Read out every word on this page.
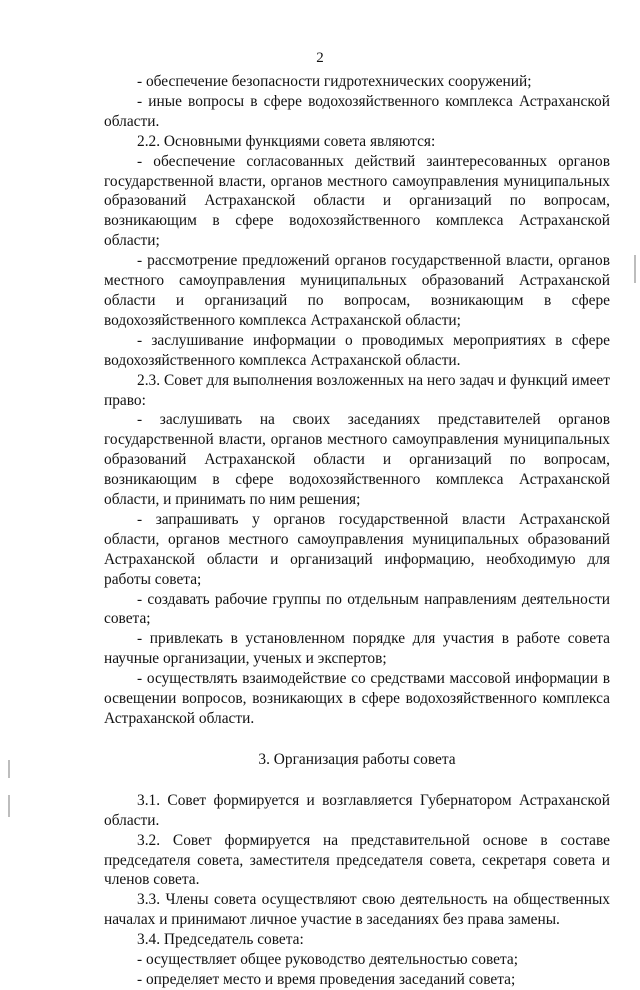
2

- обеспечение безопасности гидротехнических сооружений;

- иные вопросы в сфере водохозяйственного комплекса Астраханской области.

2.2. Основными функциями совета являются:

- обеспечение согласованных действий заинтересованных органов государственной власти, органов местного самоуправления муниципальных образований Астраханской области и организаций по вопросам, возникающим в сфере водохозяйственного комплекса Астраханской области;

- рассмотрение предложений органов государственной власти, органов местного самоуправления муниципальных образований Астраханской области и организаций по вопросам, возникающим в сфере водохозяйственного комплекса Астраханской области;

- заслушивание информации о проводимых мероприятиях в сфере водохозяйственного комплекса Астраханской области.

2.3. Совет для выполнения возложенных на него задач и функций имеет право:

- заслушивать на своих заседаниях представителей органов государственной власти, органов местного самоуправления муниципальных образований Астраханской области и организаций по вопросам, возникающим в сфере водохозяйственного комплекса Астраханской области, и принимать по ним решения;

- запрашивать у органов государственной власти Астраханской области, органов местного самоуправления муниципальных образований Астраханской области и организаций информацию, необходимую для работы совета;

- создавать рабочие группы по отдельным направлениям деятельности совета;

- привлекать в установленном порядке для участия в работе совета научные организации, ученых и экспертов;

- осуществлять взаимодействие со средствами массовой информации в освещении вопросов, возникающих в сфере водохозяйственного комплекса Астраханской области.

3. Организация работы совета

3.1. Совет формируется и возглавляется Губернатором Астраханской области.

3.2. Совет формируется на представительной основе в составе председателя совета, заместителя председателя совета, секретаря совета и членов совета.

3.3. Члены совета осуществляют свою деятельность на общественных началах и принимают личное участие в заседаниях без права замены.

3.4. Председатель совета:

- осуществляет общее руководство деятельностью совета;

- определяет место и время проведения заседаний совета;
